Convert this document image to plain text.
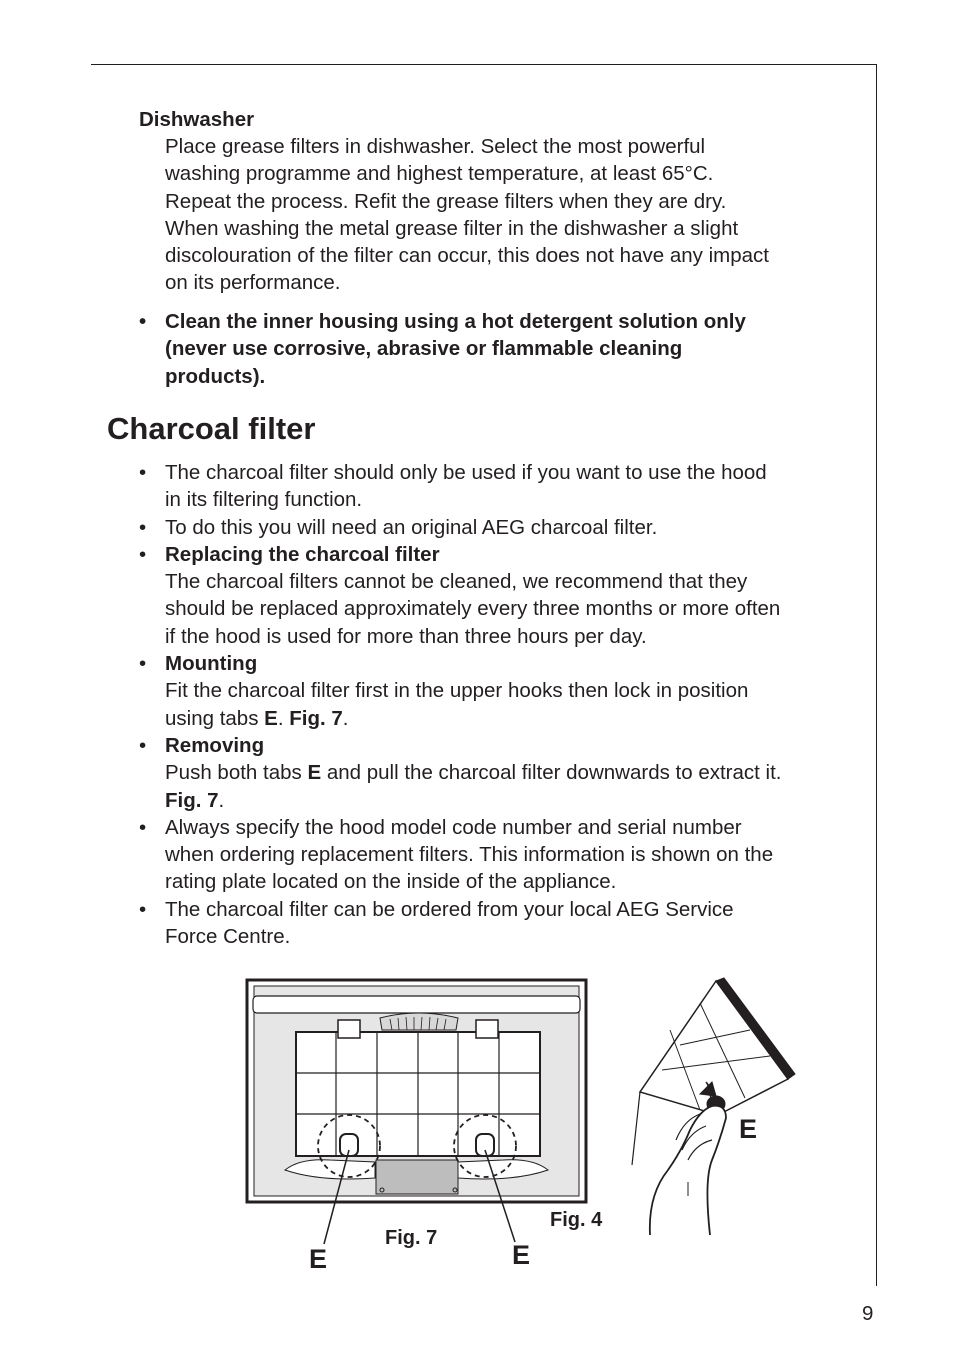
Dishwasher
Place grease filters in dishwasher. Select the most powerful
washing programme and highest temperature, at least 65°C.
Repeat the process. Refit the grease filters when they are dry.
When washing the metal grease filter in the dishwasher a slight
discolouration of the filter can occur, this does not have any impact
on its performance.
• Clean the inner housing using a hot detergent solution only
(never use corrosive, abrasive or flammable cleaning
products).
Charcoal filter
• The charcoal filter should only be used if you want to use the hood
in its filtering function.
• To do this you will need an original AEG charcoal filter.
• Replacing the charcoal filter
The charcoal filters cannot be cleaned, we recommend that they
should be replaced approximately every three months or more often
if the hood is used for more than three hours per day.
• Mounting
Fit the charcoal filter first in the upper hooks then lock in position
using tabs E. Fig. 7.
• Removing
Push both tabs E and pull the charcoal filter downwards to extract it.
Fig. 7.
• Always specify the hood model code number and serial number
when ordering replacement filters. This information is shown on the
rating plate located on the inside of the appliance.
• The charcoal filter can be ordered from your local AEG Service
Force Centre.
Fig. 7
Fig. 4
E	E
E
9
